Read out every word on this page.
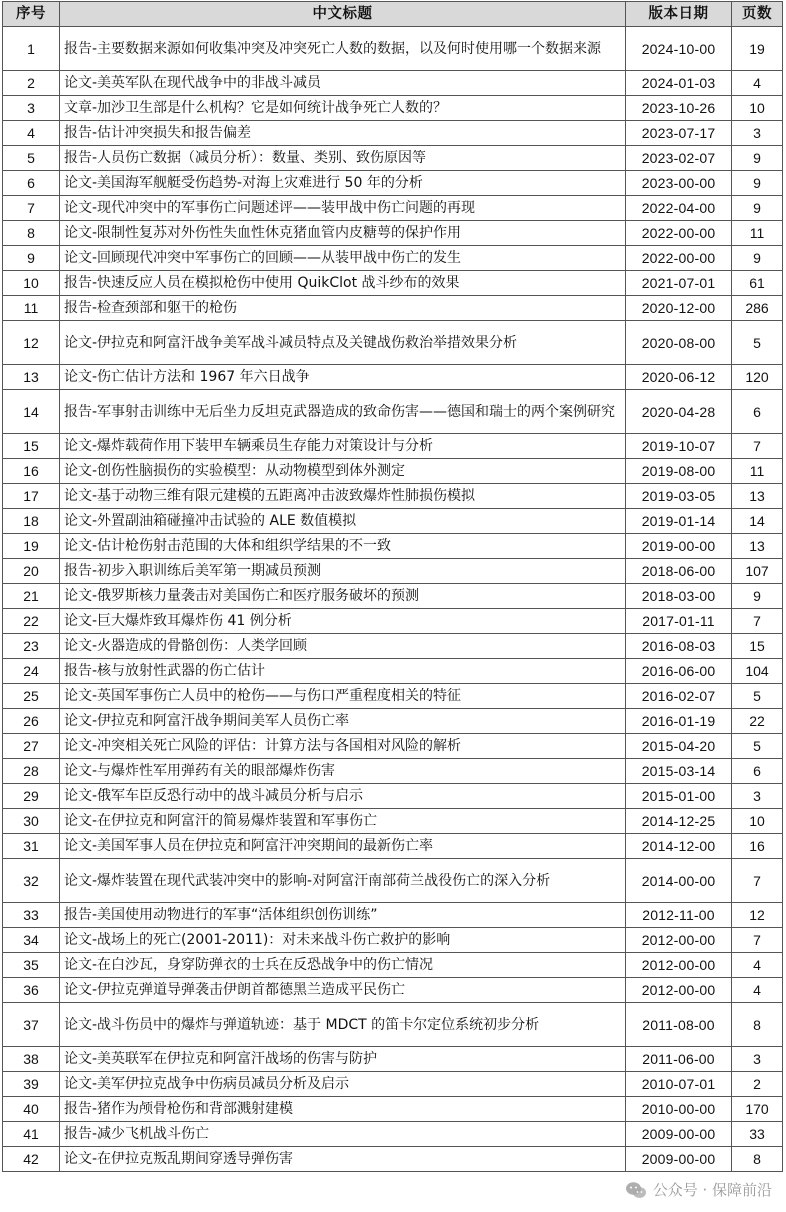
序号	中文标题	版本日期	页数
1	报告-主要数据来源如何收集冲突及冲突死亡人数的数据，以及何时使用哪一个数据来源	2024-10-00	19
2	论文-美英军队在现代战争中的非战斗减员	2024-01-03	4
3	文章-加沙卫生部是什么机构？它是如何统计战争死亡人数的？	2023-10-26	10
4	报告-估计冲突损失和报告偏差	2023-07-17	3
5	报告-人员伤亡数据（减员分析）：数量、类别、致伤原因等	2023-02-07	9
6	论文-美国海军舰艇受伤趋势-对海上灾难进行 50 年的分析	2023-00-00	9
7	论文-现代冲突中的军事伤亡问题述评——装甲战中伤亡问题的再现	2022-04-00	9
8	论文-限制性复苏对外伤性失血性休克猪血管内皮糖萼的保护作用	2022-00-00	11
9	论文-回顾现代冲突中军事伤亡的回顾——从装甲战中伤亡的发生	2022-00-00	9
10	报告-快速反应人员在模拟枪伤中使用 QuikClot 战斗纱布的效果	2021-07-01	61
11	报告-检查颈部和躯干的枪伤	2020-12-00	286
12	论文-伊拉克和阿富汗战争美军战斗减员特点及关键战伤救治举措效果分析	2020-08-00	5
13	论文-伤亡估计方法和 1967 年六日战争	2020-06-12	120
14	报告-军事射击训练中无后坐力反坦克武器造成的致命伤害——德国和瑞士的两个案例研究	2020-04-28	6
15	论文-爆炸载荷作用下装甲车辆乘员生存能力对策设计与分析	2019-10-07	7
16	论文-创伤性脑损伤的实验模型：从动物模型到体外测定	2019-08-00	11
17	论文-基于动物三维有限元建模的五距离冲击波致爆炸性肺损伤模拟	2019-03-05	13
18	论文-外置副油箱碰撞冲击试验的 ALE 数值模拟	2019-01-14	14
19	论文-估计枪伤射击范围的大体和组织学结果的不一致	2019-00-00	13
20	报告-初步入职训练后美军第一期减员预测	2018-06-00	107
21	论文-俄罗斯核力量袭击对美国伤亡和医疗服务破坏的预测	2018-03-00	9
22	论文-巨大爆炸致耳爆炸伤 41 例分析	2017-01-11	7
23	论文-火器造成的骨骼创伤：人类学回顾	2016-08-03	15
24	报告-核与放射性武器的伤亡估计	2016-06-00	104
25	论文-英国军事伤亡人员中的枪伤——与伤口严重程度相关的特征	2016-02-07	5
26	论文-伊拉克和阿富汗战争期间美军人员伤亡率	2016-01-19	22
27	论文-冲突相关死亡风险的评估：计算方法与各国相对风险的解析	2015-04-20	5
28	论文-与爆炸性军用弹药有关的眼部爆炸伤害	2015-03-14	6
29	论文-俄军车臣反恐行动中的战斗减员分析与启示	2015-01-00	3
30	论文-在伊拉克和阿富汗的简易爆炸装置和军事伤亡	2014-12-25	10
31	论文-美国军事人员在伊拉克和阿富汗冲突期间的最新伤亡率	2014-12-00	16
32	论文-爆炸装置在现代武装冲突中的影响-对阿富汗南部荷兰战役伤亡的深入分析	2014-00-00	7
33	报告-美国使用动物进行的军事“活体组织创伤训练”	2012-11-00	12
34	论文-战场上的死亡(2001-2011)：对未来战斗伤亡救护的影响	2012-00-00	7
35	论文-在白沙瓦，身穿防弹衣的士兵在反恐战争中的伤亡情况	2012-00-00	4
36	论文-伊拉克弹道导弹袭击伊朗首都德黑兰造成平民伤亡	2012-00-00	4
37	论文-战斗伤员中的爆炸与弹道轨迹：基于 MDCT 的笛卡尔定位系统初步分析	2011-08-00	8
38	论文-美英联军在伊拉克和阿富汗战场的伤害与防护	2011-06-00	3
39	论文-美军伊拉克战争中伤病员减员分析及启示	2010-07-01	2
40	报告-猪作为颅骨枪伤和背部溅射建模	2010-00-00	170
41	报告-减少飞机战斗伤亡	2009-00-00	33
42	论文-在伊拉克叛乱期间穿透导弹伤害	2009-00-00	8
公众号 · 保障前沿
